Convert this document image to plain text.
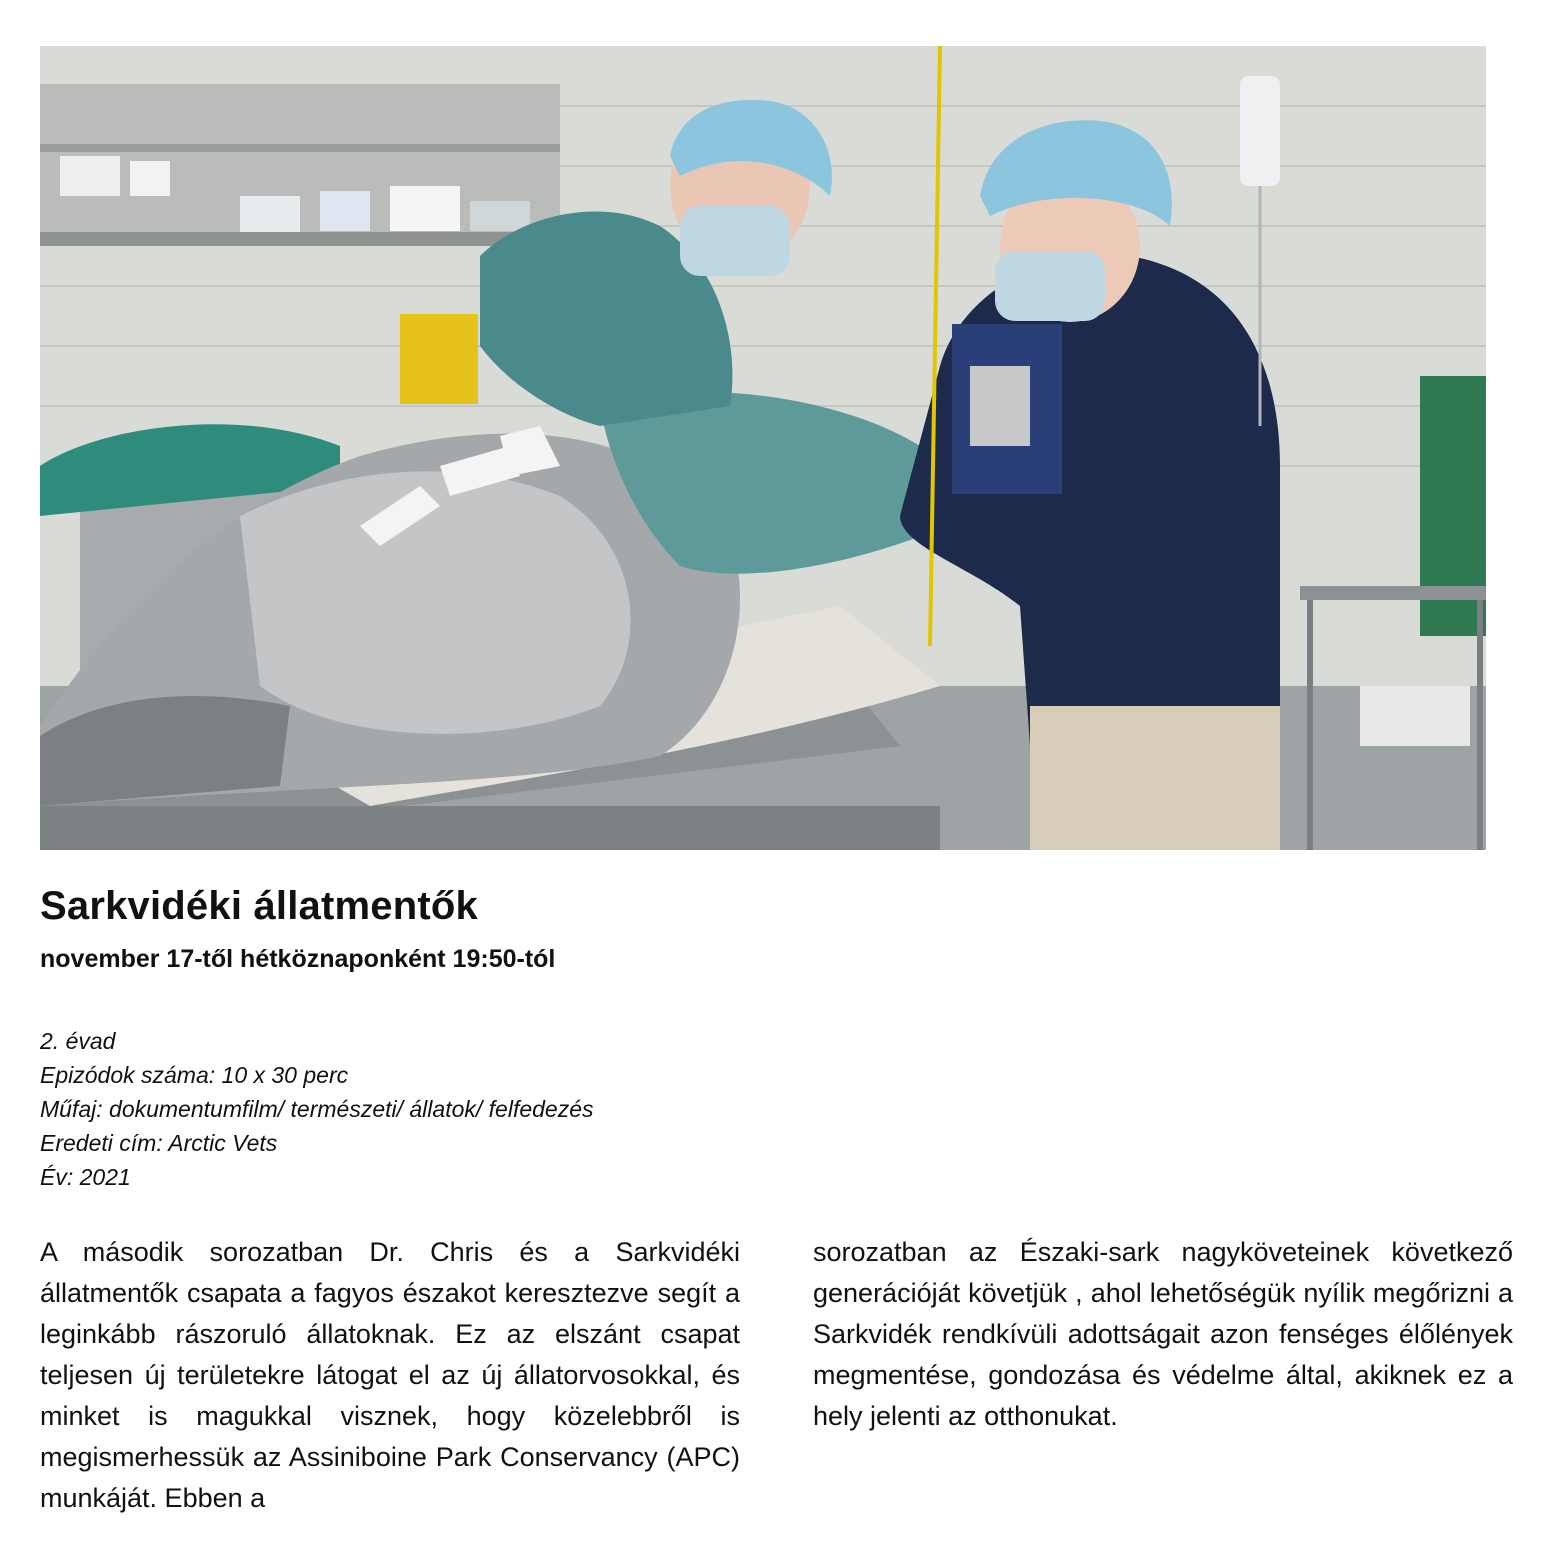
Sarkvidéki állatmentők
november 17-től hétköznaponként 19:50-tól
2. évad
Epizódok száma: 10 x 30 perc
Műfaj: dokumentumfilm/ természeti/ állatok/ felfedezés
Eredeti cím: Arctic Vets
Év: 2021
A második sorozatban Dr. Chris és a Sarkvidéki állatmentők csapata a fagyos északot keresztezve segít a leginkább rászoruló állatoknak. Ez az elszánt csapat teljesen új területekre látogat el az új állatorvosokkal, és minket is magukkal visznek, hogy közelebbről is megismerhessük az Assiniboine Park Conservancy (APC) munkáját. Ebben a
sorozatban az Északi-sark nagyköveteinek következő generációját követjük , ahol lehetőségük nyílik megőrizni a Sarkvidék rendkívüli adottságait azon fenséges élőlények megmentése, gondozása és védelme által, akiknek ez a hely jelenti az otthonukat.
